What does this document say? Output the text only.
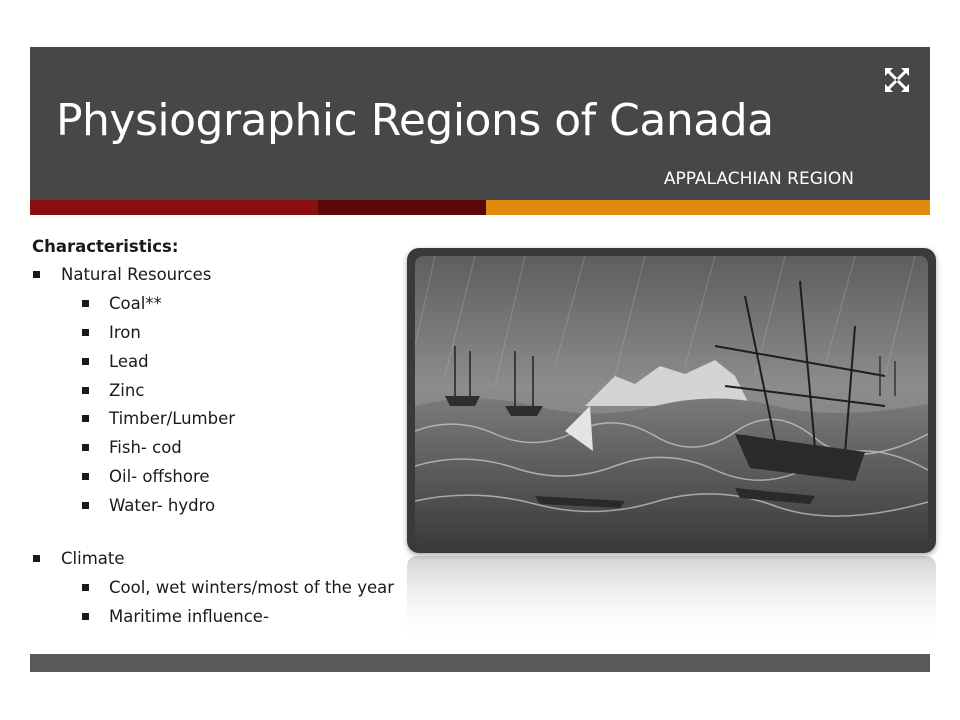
Physiographic Regions of Canada
APPALACHIAN REGION
Characteristics:
Natural Resources
Coal**
Iron
Lead
Zinc
Timber/Lumber
Fish- cod
Oil- offshore
Water- hydro
Climate
Cool, wet winters/most of the year
Maritime influence-
